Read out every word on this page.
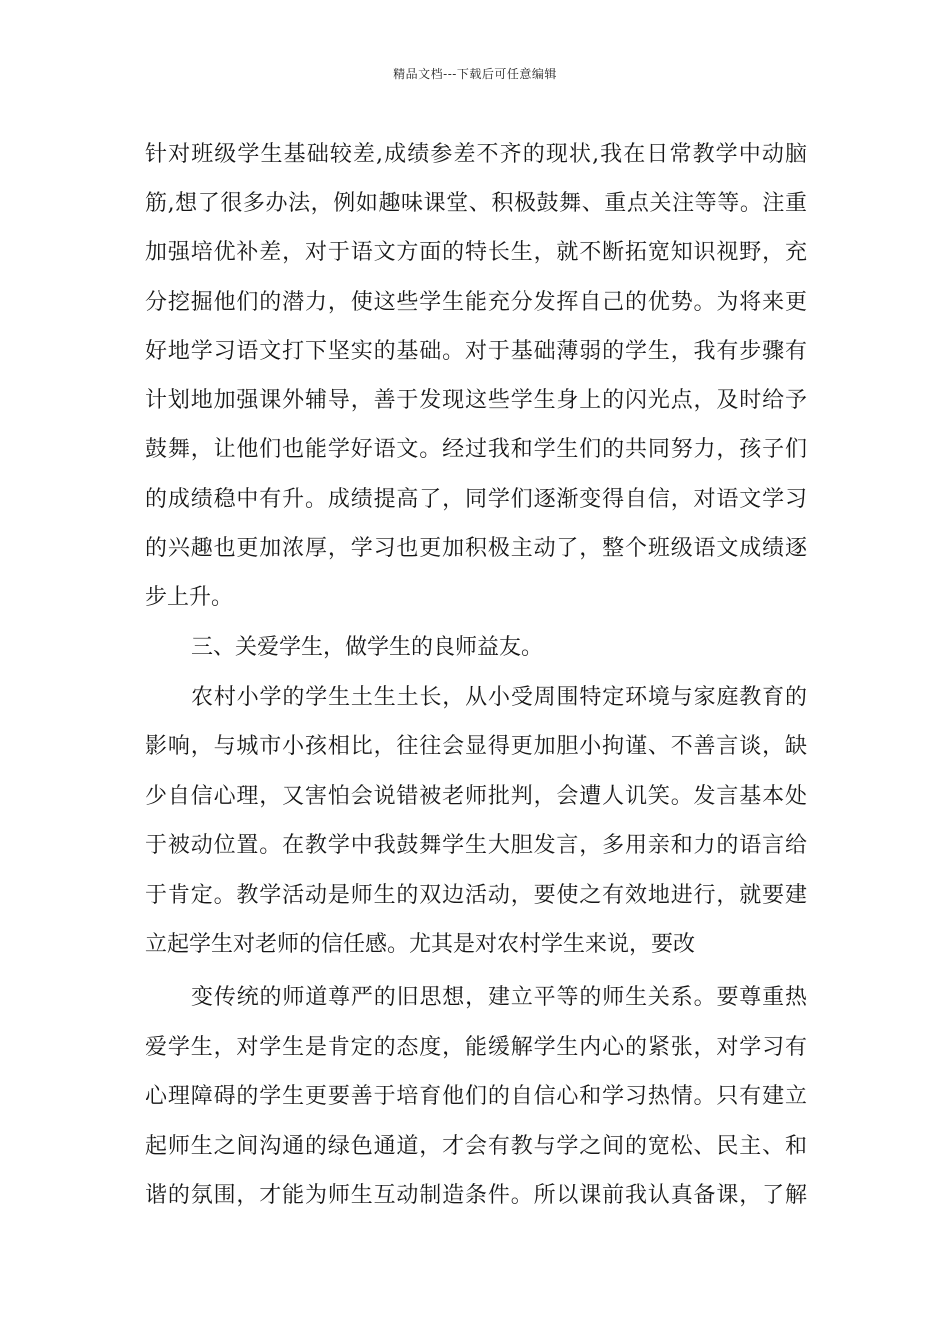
精品文档---下载后可任意编辑
针对班级学生基础较差,成绩参差不齐的现状,我在日常教学中动脑
筋,想了很多办法，例如趣味课堂、积极鼓舞、重点关注等等。注重
加强培优补差，对于语文方面的特长生，就不断拓宽知识视野，充
分挖掘他们的潜力，使这些学生能充分发挥自己的优势。为将来更
好地学习语文打下坚实的基础。对于基础薄弱的学生，我有步骤有
计划地加强课外辅导，善于发现这些学生身上的闪光点，及时给予
鼓舞，让他们也能学好语文。经过我和学生们的共同努力，孩子们
的成绩稳中有升。成绩提高了，同学们逐渐变得自信，对语文学习
的兴趣也更加浓厚，学习也更加积极主动了，整个班级语文成绩逐
步上升。
三、关爱学生，做学生的良师益友。
农村小学的学生土生土长，从小受周围特定环境与家庭教育的
影响，与城市小孩相比，往往会显得更加胆小拘谨、不善言谈，缺
少自信心理，又害怕会说错被老师批判，会遭人讥笑。发言基本处
于被动位置。在教学中我鼓舞学生大胆发言，多用亲和力的语言给
于肯定。教学活动是师生的双边活动，要使之有效地进行，就要建
立起学生对老师的信任感。尤其是对农村学生来说，要改
变传统的师道尊严的旧思想，建立平等的师生关系。要尊重热
爱学生，对学生是肯定的态度，能缓解学生内心的紧张，对学习有
心理障碍的学生更要善于培育他们的自信心和学习热情。只有建立
起师生之间沟通的绿色通道，才会有教与学之间的宽松、民主、和
谐的氛围，才能为师生互动制造条件。所以课前我认真备课，了解
